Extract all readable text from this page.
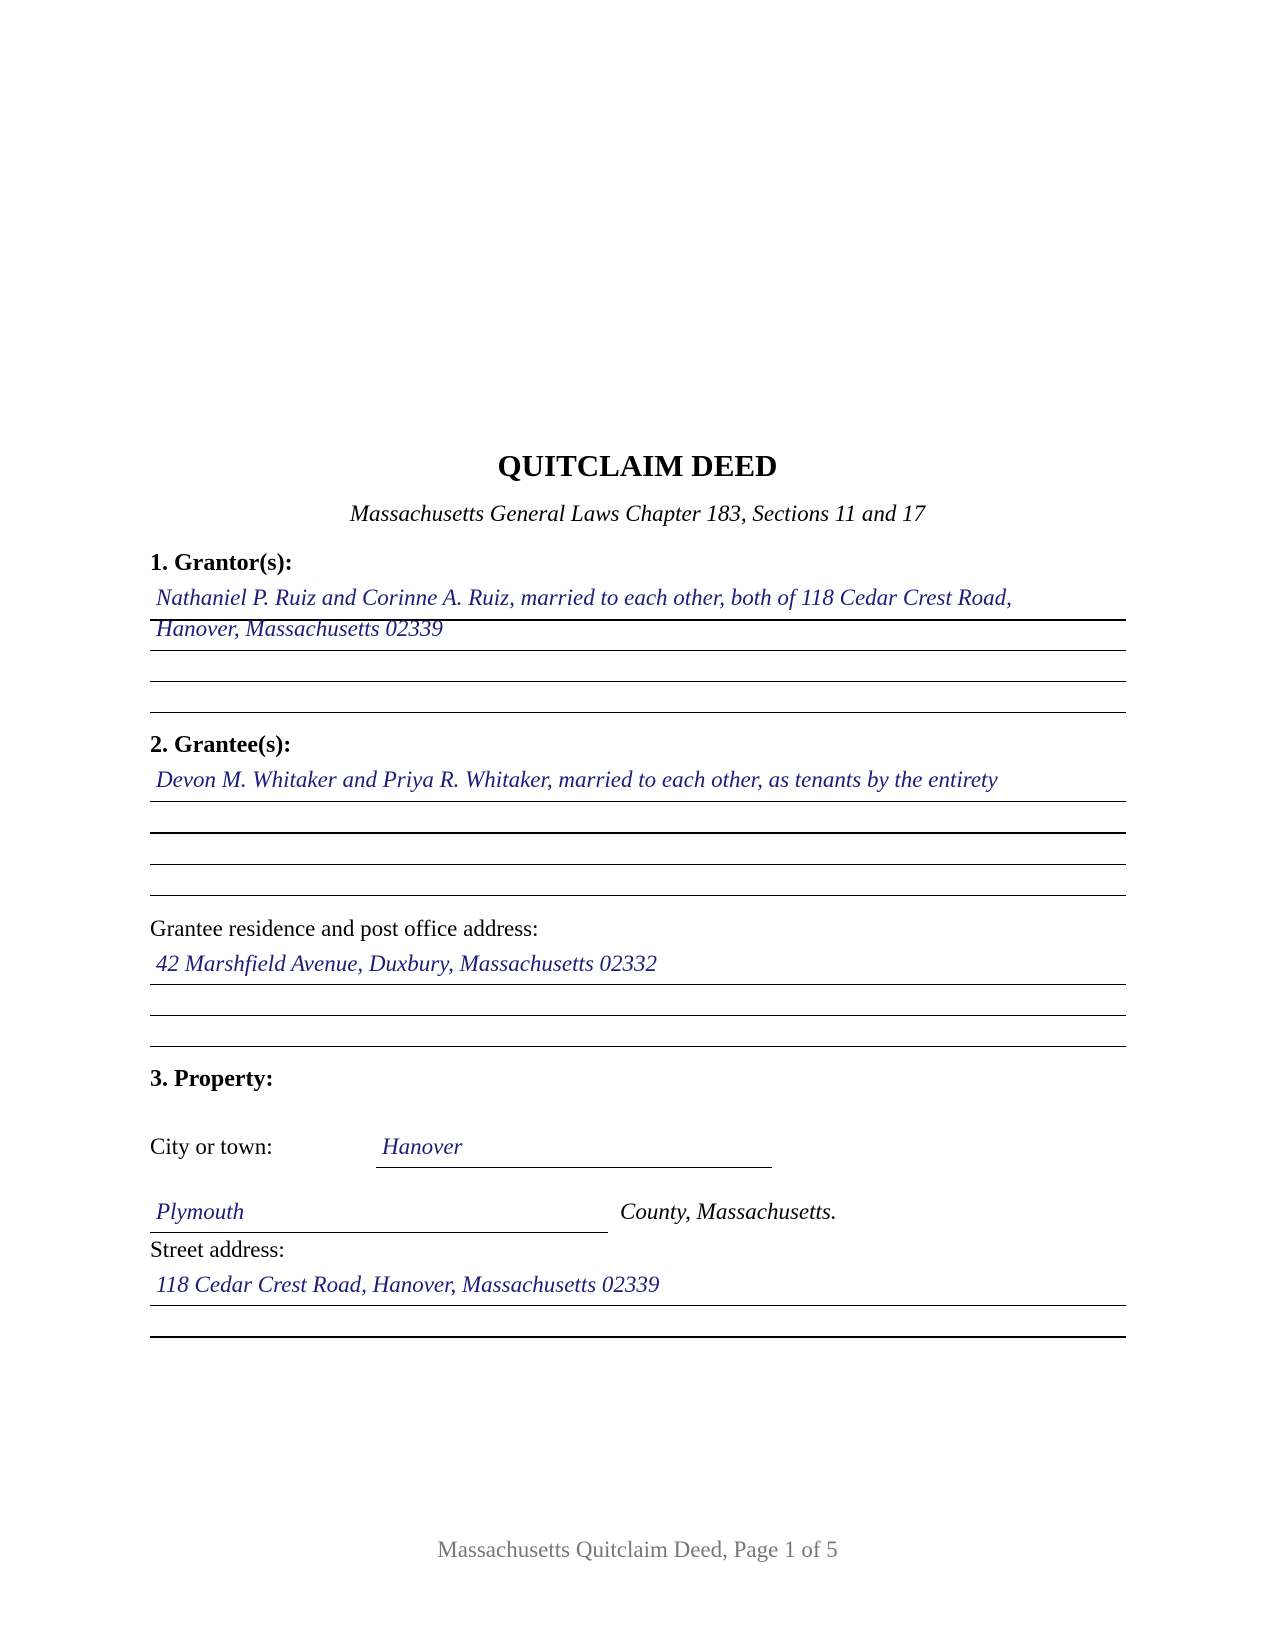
QUITCLAIM DEED
Massachusetts General Laws Chapter 183, Sections 11 and 17
1. Grantor(s):
Nathaniel P. Ruiz and Corinne A. Ruiz, married to each other, both of 118 Cedar Crest Road,
Hanover, Massachusetts 02339
2. Grantee(s):
Devon M. Whitaker and Priya R. Whitaker, married to each other, as tenants by the entirety
Grantee residence and post office address:
42 Marshfield Avenue, Duxbury, Massachusetts 02332
3. Property:
City or town:	Hanover
Plymouth	County, Massachusetts.
Street address:
118 Cedar Crest Road, Hanover, Massachusetts 02339
Massachusetts Quitclaim Deed, Page 1 of 5
